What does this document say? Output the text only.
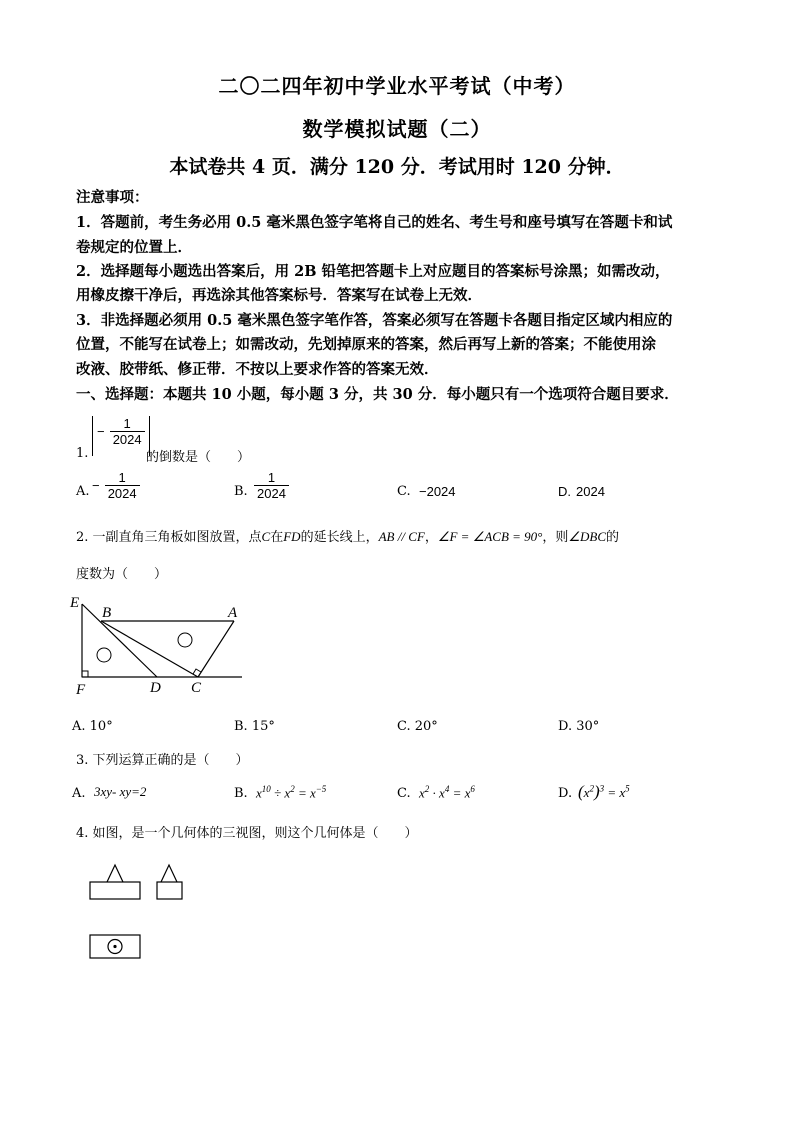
二〇二四年初中学业水平考试（中考）
数学模拟试题（二）
本试卷共 4 页．满分 120 分．考试用时 120 分钟．
注意事项：
1．答题前，考生务必用 0.5 毫米黑色签字笔将自己的姓名、考生号和座号填写在答题卡和试
卷规定的位置上．
2．选择题每小题选出答案后，用 2B 铅笔把答题卡上对应题目的答案标号涂黑；如需改动，
用橡皮擦干净后，再选涂其他答案标号．答案写在试卷上无效．
3．非选择题必须用 0.5 毫米黑色签字笔作答，答案必须写在答题卡各题目指定区域内相应的
位置，不能写在试卷上；如需改动，先划掉原来的答案，然后再写上新的答案；不能使用涂
改液、胶带纸、修正带．不按以上要求作答的答案无效．
一、选择题：本题共 10 小题，每小题 3 分，共 30 分．每小题只有一个选项符合题目要求．
1.
− $\frac{1}{2024}$
的倒数是（　　）
A. − $\frac{1}{2024}$	B. $\frac{1}{2024}$	C. −2024	D. 2024
2. 一副直角三角板如图放置，点C在FD的延长线上，AB // CF，∠F = ∠ACB = 90°，则∠DBC的
度数为（　　）
E
B	A
F	D C
A. 10°	B. 15°	C. 20°	D. 30°
3. 下列运算正确的是（　　）
A. 3xy- xy=2	B. $x^{10} \div x^2 = x^{-5}$	C. $x^2 \cdot x^4 = x^6$	D. $(x^2)^3 = x^5$
4. 如图，是一个几何体的三视图，则这个几何体是（　　）
